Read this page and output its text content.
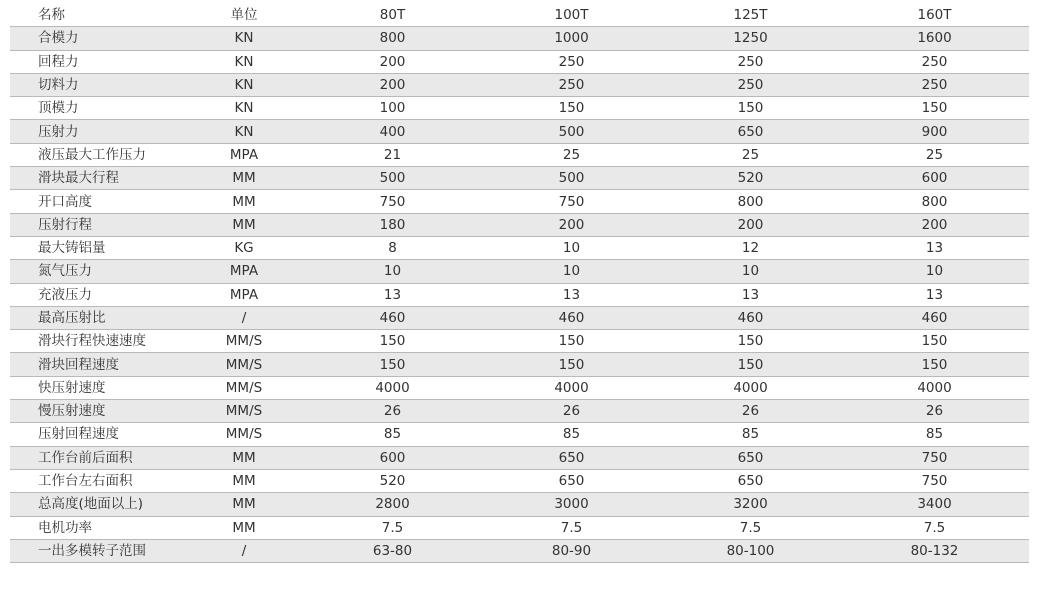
名称	单位	80T	100T	125T	160T
合模力	KN	800	1000	1250	1600
回程力	KN	200	250	250	250
切料力	KN	200	250	250	250
顶模力	KN	100	150	150	150
压射力	KN	400	500	650	900
液压最大工作压力	MPA	21	25	25	25
滑块最大行程	MM	500	500	520	600
开口高度	MM	750	750	800	800
压射行程	MM	180	200	200	200
最大铸铝量	KG	8	10	12	13
氮气压力	MPA	10	10	10	10
充液压力	MPA	13	13	13	13
最高压射比	/	460	460	460	460
滑块行程快速速度	MM/S	150	150	150	150
滑块回程速度	MM/S	150	150	150	150
快压射速度	MM/S	4000	4000	4000	4000
慢压射速度	MM/S	26	26	26	26
压射回程速度	MM/S	85	85	85	85
工作台前后面积	MM	600	650	650	750
工作台左右面积	MM	520	650	650	750
总高度(地面以上)	MM	2800	3000	3200	3400
电机功率	MM	7.5	7.5	7.5	7.5
一出多模转子范围	/	63-80	80-90	80-100	80-132
